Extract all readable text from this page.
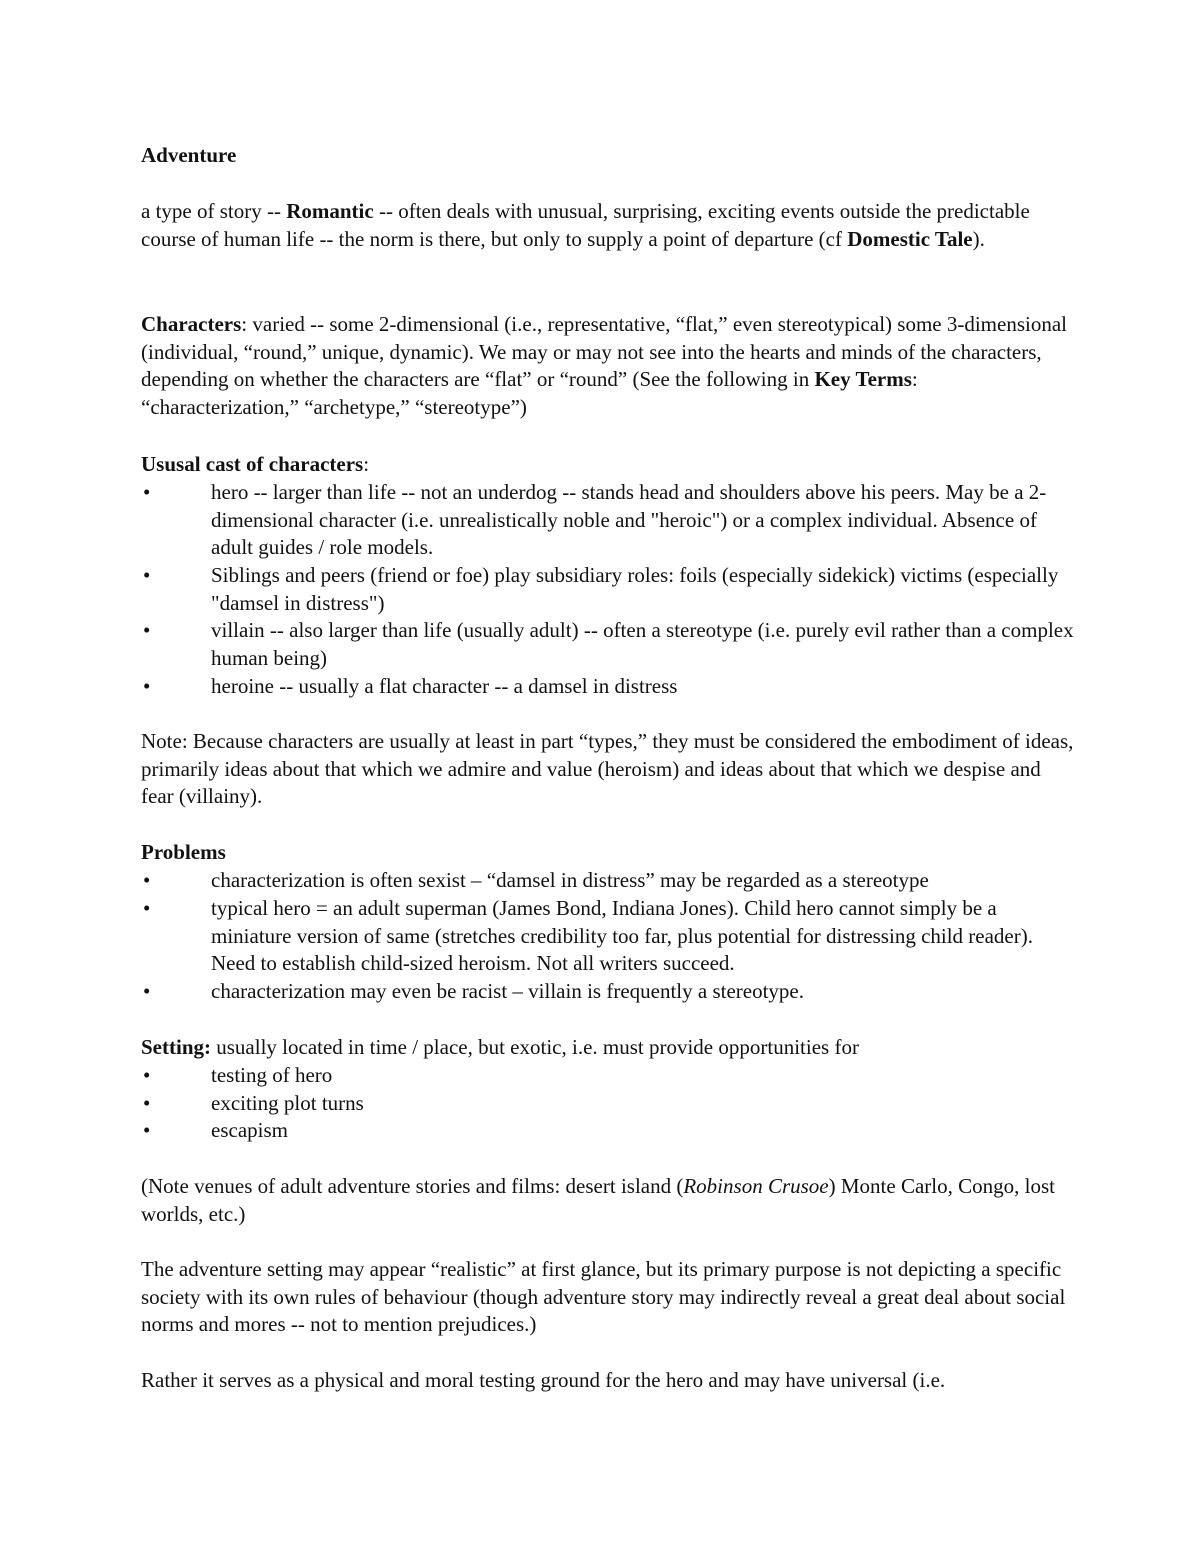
Adventure

a type of story -- Romantic -- often deals with unusual, surprising, exciting events outside the predictable course of human life -- the norm is there, but only to supply a point of departure (cf Domestic Tale).

Characters: varied -- some 2-dimensional (i.e., representative, “flat,” even stereotypical) some 3-dimensional (individual, “round,” unique, dynamic). We may or may not see into the hearts and minds of the characters, depending on whether the characters are “flat” or “round” (See the following in Key Terms: “characterization,” “archetype,” “stereotype”)

Ususal cast of characters:

•	hero -- larger than life -- not an underdog -- stands head and shoulders above his peers. May be a 2-dimensional character (i.e. unrealistically noble and "heroic") or a complex individual. Absence of adult guides / role models.
•	Siblings and peers (friend or foe) play subsidiary roles: foils (especially sidekick) victims (especially "damsel in distress")
•	villain -- also larger than life (usually adult) -- often a stereotype (i.e. purely evil rather than a complex human being)
•	heroine -- usually a flat character -- a damsel in distress

Note: Because characters are usually at least in part “types,” they must be considered the embodiment of ideas, primarily ideas about that which we admire and value (heroism) and ideas about that which we despise and fear (villainy).

Problems

•	characterization is often sexist – “damsel in distress” may be regarded as a stereotype
•	typical hero = an adult superman (James Bond, Indiana Jones). Child hero cannot simply be a miniature version of same (stretches credibility too far, plus potential for distressing child reader). Need to establish child-sized heroism. Not all writers succeed.
•	characterization may even be racist – villain is frequently a stereotype.

Setting: usually located in time / place, but exotic, i.e. must provide opportunities for

•	testing of hero
•	exciting plot turns
•	escapism

(Note venues of adult adventure stories and films: desert island (Robinson Crusoe) Monte Carlo, Congo, lost worlds, etc.)

The adventure setting may appear “realistic” at first glance, but its primary purpose is not depicting a specific society with its own rules of behaviour (though adventure story may indirectly reveal a great deal about social norms and mores -- not to mention prejudices.)

Rather it serves as a physical and moral testing ground for the hero and may have universal (i.e.
